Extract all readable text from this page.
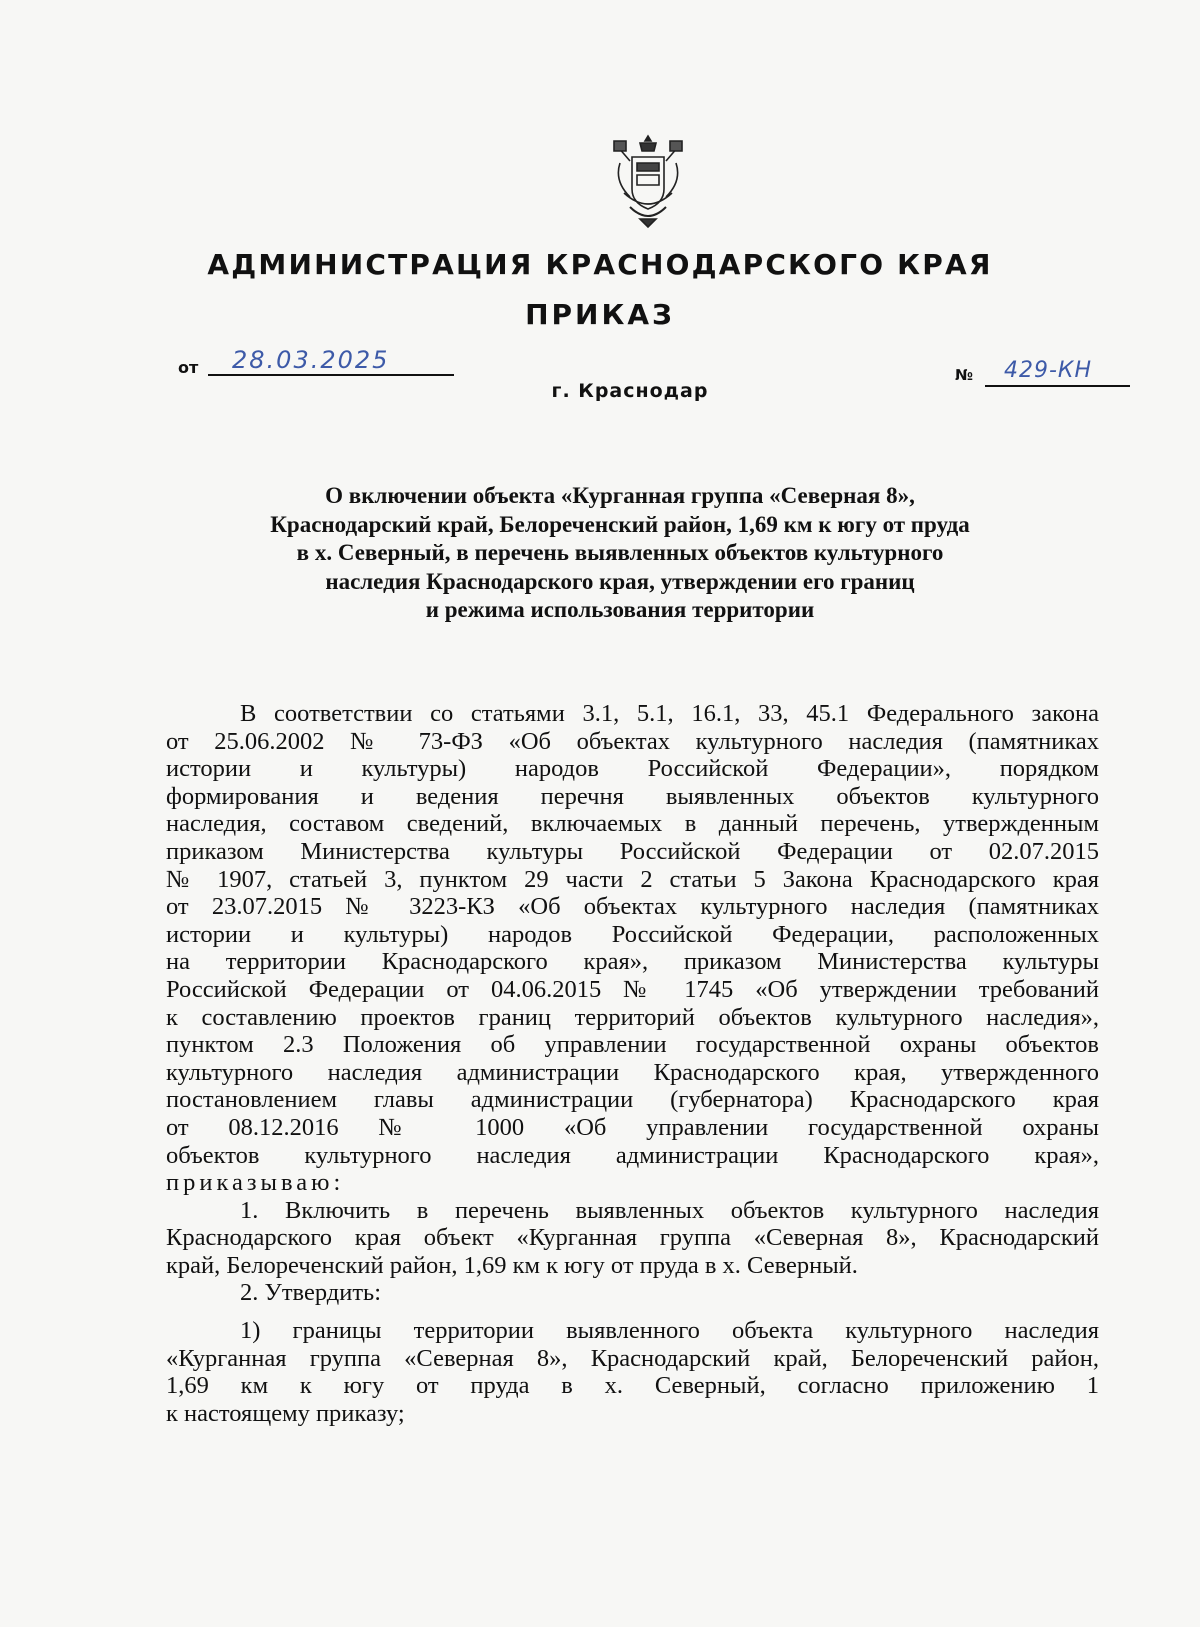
АДМИНИСТРАЦИЯ КРАСНОДАРСКОГО КРАЯ
ПРИКАЗ
от 28.03.2025
№ 429-КН
г. Краснодар
О включении объекта «Курганная группа «Северная 8»,
Краснодарский край, Белореченский район, 1,69 км к югу от пруда
в х. Северный, в перечень выявленных объектов культурного
наследия Краснодарского края, утверждении его границ
и режима использования территории
В соответствии со статьями 3.1, 5.1, 16.1, 33, 45.1 Федерального закона
от 25.06.2002 № 73-ФЗ «Об объектах культурного наследия (памятниках
истории и культуры) народов Российской Федерации», порядком
формирования и ведения перечня выявленных объектов культурного
наследия, составом сведений, включаемых в данный перечень, утвержденным
приказом Министерства культуры Российской Федерации от 02.07.2015
№ 1907, статьей 3, пунктом 29 части 2 статьи 5 Закона Краснодарского края
от 23.07.2015 № 3223-КЗ «Об объектах культурного наследия (памятниках
истории и культуры) народов Российской Федерации, расположенных
на территории Краснодарского края», приказом Министерства культуры
Российской Федерации от 04.06.2015 № 1745 «Об утверждении требований
к составлению проектов границ территорий объектов культурного наследия»,
пунктом 2.3 Положения об управлении государственной охраны объектов
культурного наследия администрации Краснодарского края, утвержденного
постановлением главы администрации (губернатора) Краснодарского края
от 08.12.2016 № 1000 «Об управлении государственной охраны
объектов культурного наследия администрации Краснодарского края»,
приказываю:
1. Включить в перечень выявленных объектов культурного наследия
Краснодарского края объект «Курганная группа «Северная 8», Краснодарский
край, Белореченский район, 1,69 км к югу от пруда в х. Северный.
2. Утвердить:
1) границы территории выявленного объекта культурного наследия
«Курганная группа «Северная 8», Краснодарский край, Белореченский район,
1,69 км к югу от пруда в х. Северный, согласно приложению 1
к настоящему приказу;
